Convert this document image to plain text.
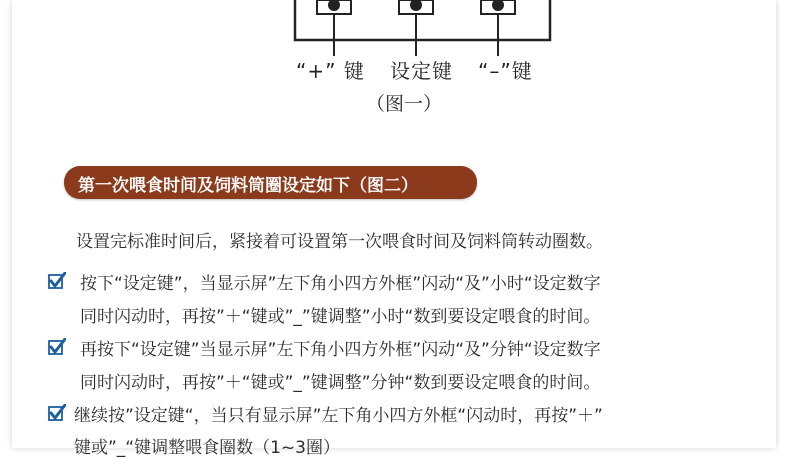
“+” 键 设定键 “–”键
（图一）
第一次喂食时间及饲料筒圈设定如下（图二）
设置完标准时间后，紧接着可设置第一次喂食时间及饲料筒转动圈数。
按下“设定键”，当显示屏”左下角小四方外框”闪动“及”小时“设定数字
同时闪动时，再按”＋“键或”_”键调整”小时“数到要设定喂食的时间。
再按下“设定键”当显示屏”左下角小四方外框”闪动“及”分钟“设定数字
同时闪动时，再按”＋“键或”_”键调整”分钟“数到要设定喂食的时间。
继续按”设定键“，当只有显示屏”左下角小四方外框“闪动时，再按”＋”
键或”_“键调整喂食圈数（1~3圈）
